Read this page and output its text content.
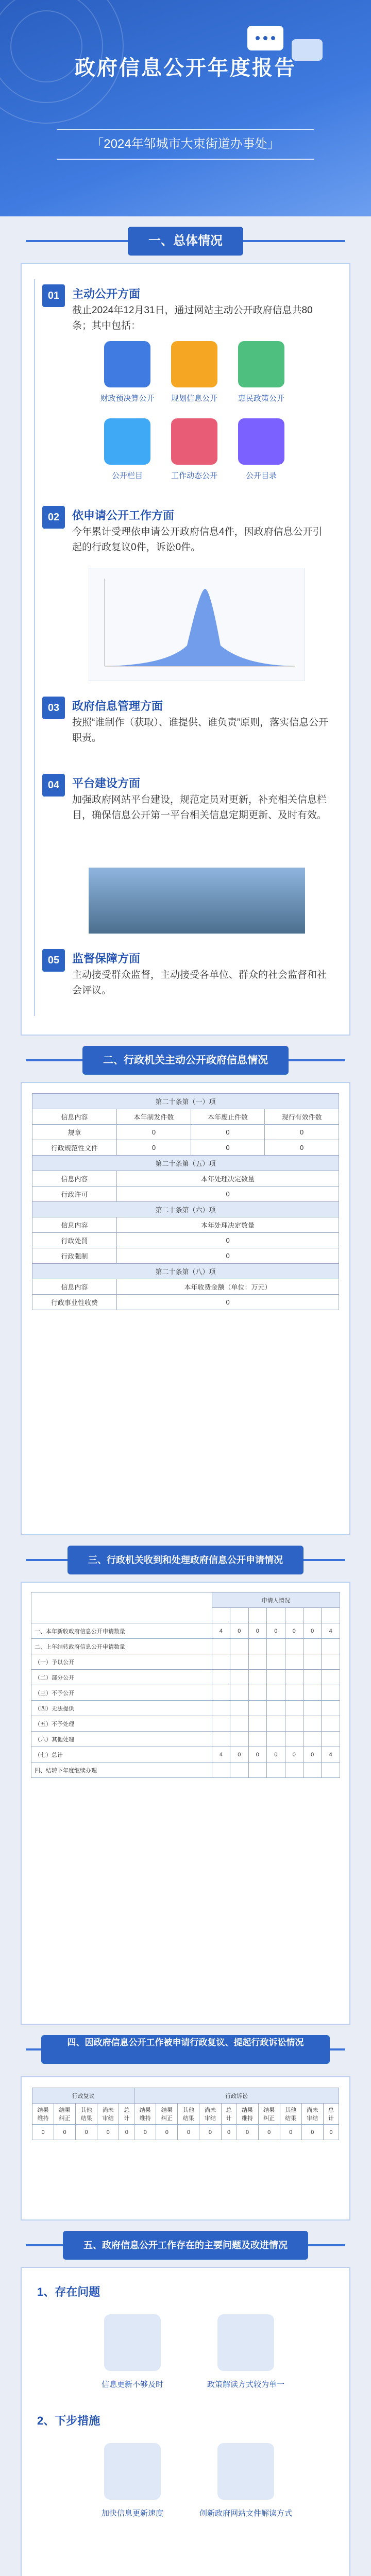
政府信息公开年度报告
「2024年邹城市大束街道办事处」
一、总体情况
01	主动公开方面
截止2024年12月31日，通过网站主动公开政府信息共80条；其中包括：
财政预决算公开	规划信息公开	惠民政策公开
公开栏目	工作动态公开	公开目录
02	依申请公开工作方面
今年累计受理依申请公开政府信息4件，因政府信息公开引起的行政复议0件，诉讼0件。
03	政府信息管理方面
按照“谁制作（获取）、谁提供、谁负责”原则，落实信息公开职责。
04	平台建设方面
加强政府网站平台建设，规范定员对更新，补充相关信息栏目，确保信息公开第一平台相关信息定期更新、及时有效。
05	监督保障方面
主动接受群众监督，主动接受各单位、群众的社会监督和社会评议。
二、行政机关主动公开政府信息情况
第二十条第（一）项			
信息内容	本年制发件数	本年废止件数	现行有效件数
规章	0	0	0
行政规范性文件	0	0	0
第二十条第（五）项			
信息内容	本年处理决定数量		
行政许可	0		
第二十条第（六）项			
信息内容	本年处理决定数量		
行政处罚	0		
行政强制	0		
第二十条第（八）项			
信息内容	本年收费金额（单位：万元）		
行政事业性收费	0		
三、行政机关收到和处理政府信息公开申请情况
	申请人情况						

一、本年新收政府信息公开申请数量	4	0	0	0	0	0	4
二、上年结转政府信息公开申请数量							
（一）予以公开							
（二）部分公开							
（三）不予公开							
（四）无法提供							
（五）不予处理							
（六）其他处理							
（七）总计	4	0	0	0	0	0	4
四、结转下年度继续办理							
四、因政府信息公开工作被申请行政复议、提起行政诉讼情况
行政复议					行政诉讼									
结果维持	结果纠正	其他结果	尚未审结	总计	结果维持	结果纠正	其他结果	尚未审结	总计	结果维持	结果纠正	其他结果	尚未审结	总计
0	0	0	0	0	0	0	0	0	0	0	0	0	0	0
五、政府信息公开工作存在的主要问题及改进情况
1、存在问题
信息更新不够及时	政策解读方式较为单一
2、下步措施
加快信息更新速度	创新政府网站文件解读方式
